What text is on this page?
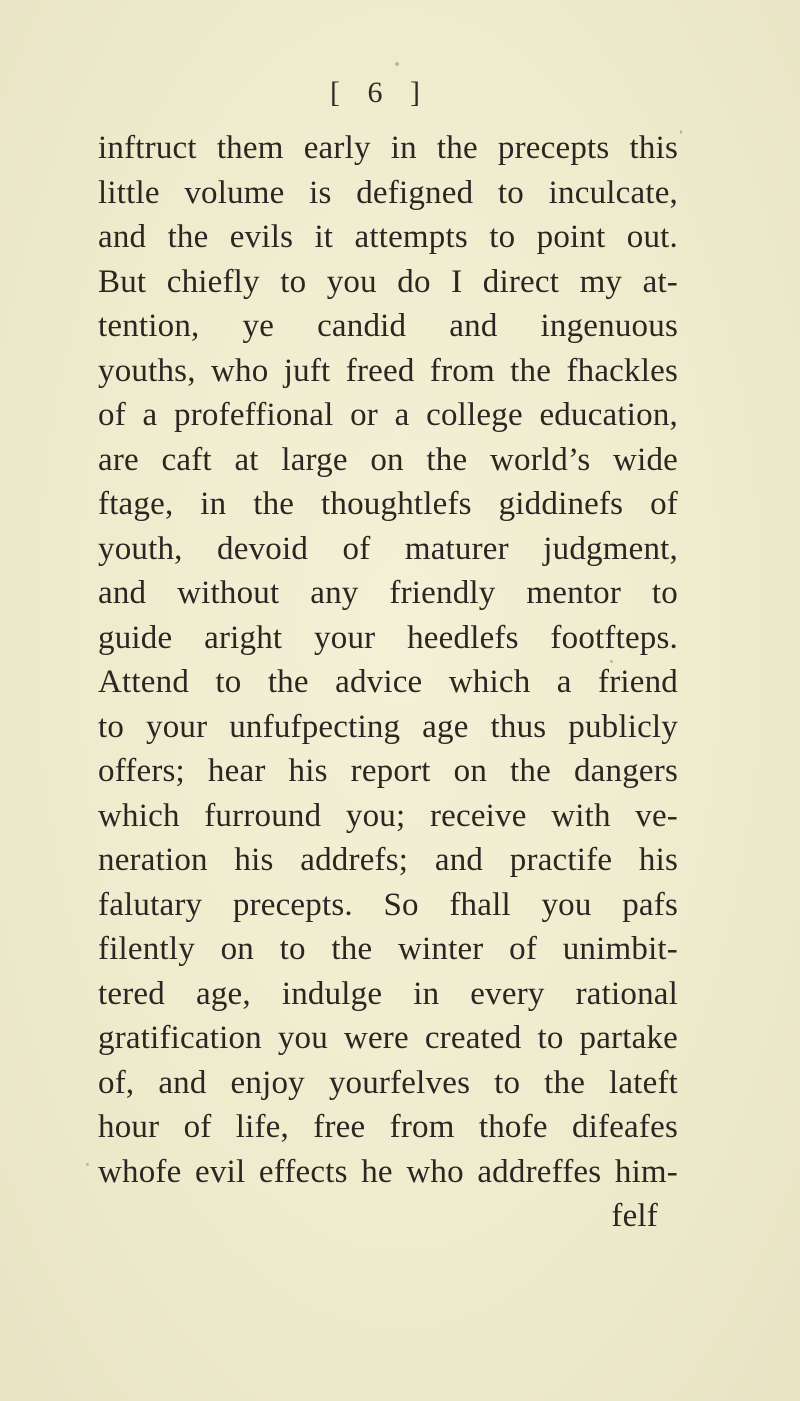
[ 6 ]
inftruct them early in the precepts this
little volume is defigned to inculcate,
and the evils it attempts to point out.
But chiefly to you do I direct my at-
tention, ye candid and ingenuous
youths, who juft freed from the fhackles
of a profeffional or a college education,
are caft at large on the world’s wide
ftage, in the thoughtlefs giddinefs of
youth, devoid of maturer judgment,
and without any friendly mentor to
guide aright your heedlefs footfteps.
Attend to the advice which a friend
to your unfufpecting age thus publicly
offers; hear his report on the dangers
which furround you; receive with ve-
neration his addrefs; and practife his
falutary precepts. So fhall you pafs
filently on to the winter of unimbit-
tered age, indulge in every rational
gratification you were created to partake
of, and enjoy yourfelves to the lateft
hour of life, free from thofe difeafes
whofe evil effects he who addreffes him-
felf
